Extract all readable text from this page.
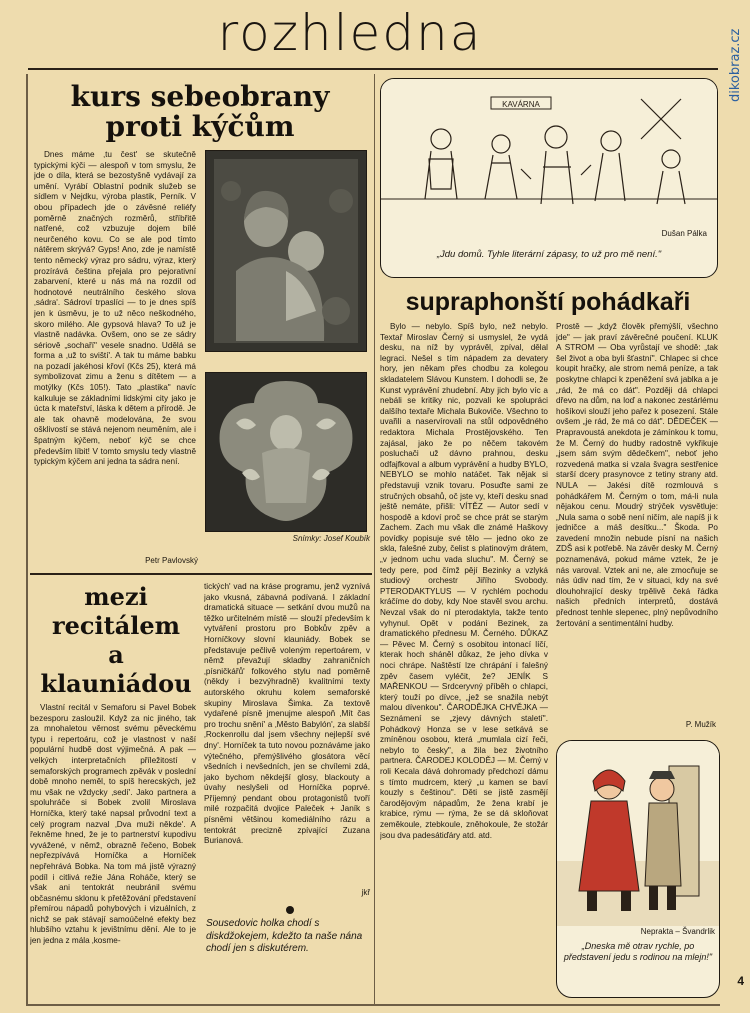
rozhledna	dikobraz.cz
kurs sebeobrany
proti kýčům

Dnes máme ‚tu čest' se skutečně typickými kýči — alespoň v tom smyslu, že jde o díla, která se bezostyšně vydávají za umění. Vyrábí Oblastní podnik služeb se sídlem v Nejdku, výroba plastik, Perník. V obou případech jde o závěsné reliéfy poměrně značných rozměrů, stříbřitě natřené, což vzbuzuje dojem bílé neurčeného kovu. Co se ale pod tímto nátěrem skrývá? Gyps! Ano, zde je namístě tento německý výraz pro sádru, výraz, který prozírává čeština přejala pro pejorativní zabarvení, které u nás má na rozdíl od hodnotové neutrálního českého slova ‚sádra'. Sádroví trpaslíci — to je dnes spíš jen k úsměvu, je to už něco neškodného, skoro milého. Ale gypsová hlava? To už je vlastně nadávka. Ovšem, ono se ze sádry sériově „sochaří" vesele snadno. Udělá se forma a ‚už to sviští'. A tak tu máme babku na pozadí jakéhosi křoví (Kčs 25), která má symbolizovat zimu a ženu s dítětem — a motýlky (Kčs 105!). Tato „plastika" navíc kalkuluje se základními lidskými city jako je úcta k mateřství, láska k dětem a přírodě. Je ale tak ohavně modelována, že svou ošklivostí se stává nejenom neuměním, ale i špatným kýčem, neboť kýč se chce především líbit! V tomto smyslu tedy vlastně typickým kýčem ani jedna ta sádra není.

Petr Pavlovský
Snímky: Josef Koubík
mezi
recitálem
a
klauniádou

Vlastní recitál v Semaforu si Pavel Bobek bezesporu zasloužil. Když za nic jiného, tak za mnohaletou věrnost svému pěveckému typu i repertoáru, což je vlastnost v naší populární hudbě dost výjimečná. A pak — velkých interpretačních příležitostí v semaforských programech zpěvák v poslední době mnoho neměl, to spíš herecských, jež mu však ne vždycky ‚sedí'. Jako partnera a spoluhráče si Bobek zvolil Miroslava Horníčka, který také napsal průvodní text a celý program nazval ‚Dva muži někde'. A řekněme hned, že je to partnerství kupodivu vyvážené, v němž, obrazně řečeno, Bobek nepřezpívává Horníčka a Horníček nepřehrává Bobka. Na tom má jistě výrazný podíl i citlivá režie Jána Roháče, který se však ani tentokrát neubránil svému občasnému sklonu k přetěžování představení přemírou nápadů pohybových i vizuálních, z nichž se pak stávají samoúčelné efekty bez hlubšího vztahu k jevištnímu dění. Ale to je jen jedna z mála ‚kosme-

tických' vad na kráse programu, jenž vyznívá jako vkusná, zábavná podívaná. I základní dramatická situace — setkání dvou mužů na těžko určitelném místě — slouží především k vytváření prostoru pro Bobkův zpěv a Horníčkovy slovní klauniády. Bobek se představuje pečlivě voleným repertoárem, v němž převažují skladby zahraničních ‚písničkářů' folkového stylu nad poměrně (někdy i bezvýhradně) kvalitními texty autorského okruhu kolem semaforské skupiny Miroslava Šimka. Za textově vydařené písně jmenujme alespoň ‚Mít čas pro trochu snění' a ‚Město Babylón', za slabší ‚Rockenrollu dal jsem všechny nejlepší své dny'. Horníček ta tuto novou poznáváme jako výtečného, přemýšlivého glosátora věcí všedních i nevšedních, jen se chvílemi zdá, jako bychom někdejší glosy, blackouty a úvahy neslyšeli od Horníčka poprvé. Příjemný pendant obou protagonistů tvoří milé rozpačitá dvojice Paleček + Janík s písněmi většinou komediálního rázu a tentokrát precizně zpívající Zuzana Burianová.

jkř
Sousedovic holka chodí s diskdžokejem, kdežto ta naše nána chodí jen s diskutérem.
KAVÁRNA
Dušan Pálka
„Jdu domů. Tyhle literární zápasy, to už pro mě není."
supraphonští pohádkaři

Bylo — nebylo. Spíš bylo, než nebylo. Textař Miroslav Černý si usmyslel, že vydá desku, na níž by vyprávěl, zpíval, dělal legraci. Nešel s tím nápadem za devatery hory, jen někam přes chodbu za kolegou skladatelem Slávou Kunstem. I dohodli se, že Kunst vyprávění zhudební. Aby jich bylo víc a nebáli se kritiky nic, pozvali ke spolupráci dalšího textaře Michala Bukoviče. Všechno to uvařili a naservírovali na stůl odpovědného redaktora Michala Prostějovského. Ten zajásal, jako že po něčem takovém posluchači už dávno prahnou, desku odfajfkoval a album vyprávění a hudby BYLO, NEBYLO se mohlo natáčet. Tak nějak si představuji vznik tovaru. Posuďte sami ze stručných obsahů, oč jste vy, kteří desku snad ještě nemáte, přišli: VÍTĚZ — Autor sedí v hospodě a kdoví proč se chce prát se starým Zachem. Zach mu však dle známé Haškovy povídky popisuje své tělo — jedno oko ze skla, falešné zuby, čelist s platinovým drátem, „v jednom uchu vada sluchu". M. Černý se tedy pere, pod čímž pějí Bezinky a vzlyká studiový orchestr Jiřího Svobody. PTERODAKTYLUS — V rychlém pochodu kráčíme do doby, kdy Noe stavěl svou archu. Nevzal však do ní pterodaktyla, takže tento vyhynul. Opět v podání Bezinek, za dramatického přednesu M. Černého. DŮKAZ — Pěvec M. Černý s osobitou intonací líčí, kterak hoch sháněl důkaz, že jeho dívka v noci chrápe. Naštěstí lze chrápání i falešný zpěv časem vyléčit, že? JENÍK S MAŘENKOU — Srdceryvný příběh o chlapci, který touží po dívce, „jež se snažila nebýt malou dívenkou". ČARODĚJKA CHVĚJKA — Seznámení se „zjevy dávných staletí". Pohádkový Honza se v lese setkává se zmíněnou osobou, která „mumlala cizí řeči, nebylo to česky", a žila bez životního partnera. ČARODEJ KOLODĚJ — M. Černý v roli Kecala dává dohromady předchozí dámu s tímto mudrcem, který „u kamen se baví kouzly s češtinou". Děti se jistě zasmějí čarodějovým nápadům, že žena krabí je krabice, rýmu — rýma, že se dá skloňovat zeměkoule, ztebkoule, zněhokoule, že stožár jsou dva padesátiďáry atd. atd.

Prostě — „když člověk přemýšlí, všechno jde" — jak praví závěrečné poučení. KLUK A STROM — Oba vyrůstají ve shodě: „tak šel život a oba byli šťastní". Chlapec si chce koupit hračky, ale strom nemá peníze, a tak poskytne chlapci k zpeněžení svá jablka a je „rád, že má co dát". Později dá chlapci dřevo na dům, na loď a nakonec zestárlému hošíkovi slouží jeho pařez k posezení. Stále ovšem „je rád, že má co dát". DĚDEČEK — Prapravoustá anekdota je zámínkou k tomu, že M. Černý do hudby radostně vykřikuje „jsem sám svým dědečkem", neboť jeho rozvedená matka si vzala švagra sestřenice starší dcery prasynovce z tetiny strany atd. NULA — Jakési dítě rozmlouvá s pohádkářem M. Černým o tom, má-li nula nějakou cenu. Moudrý strýček vysvětluje: „Nula sama o sobě není ničím, ale napíš ji k jedničce a máš desítku..." Škoda. Po zavedení množin nebude písní na našich ZDŠ asi k potřebě. Na závěr desky M. Černý poznamenává, pokud máme vztek, že je nás varoval. Vztek ani ne, ale zmocňuje se nás údiv nad tím, že v situaci, kdy na své dlouhohrající desky trpělivě čeká řádka našich předních interpretů, dostává přednost tenhle slepenec, plný nepůvodního žertování a sentimentální hudby.

P. Mužík
Nepraktа – Švandrlik
„Dneska mě otrav rychle, po představení jedu s rodinou na mlejn!"
4
